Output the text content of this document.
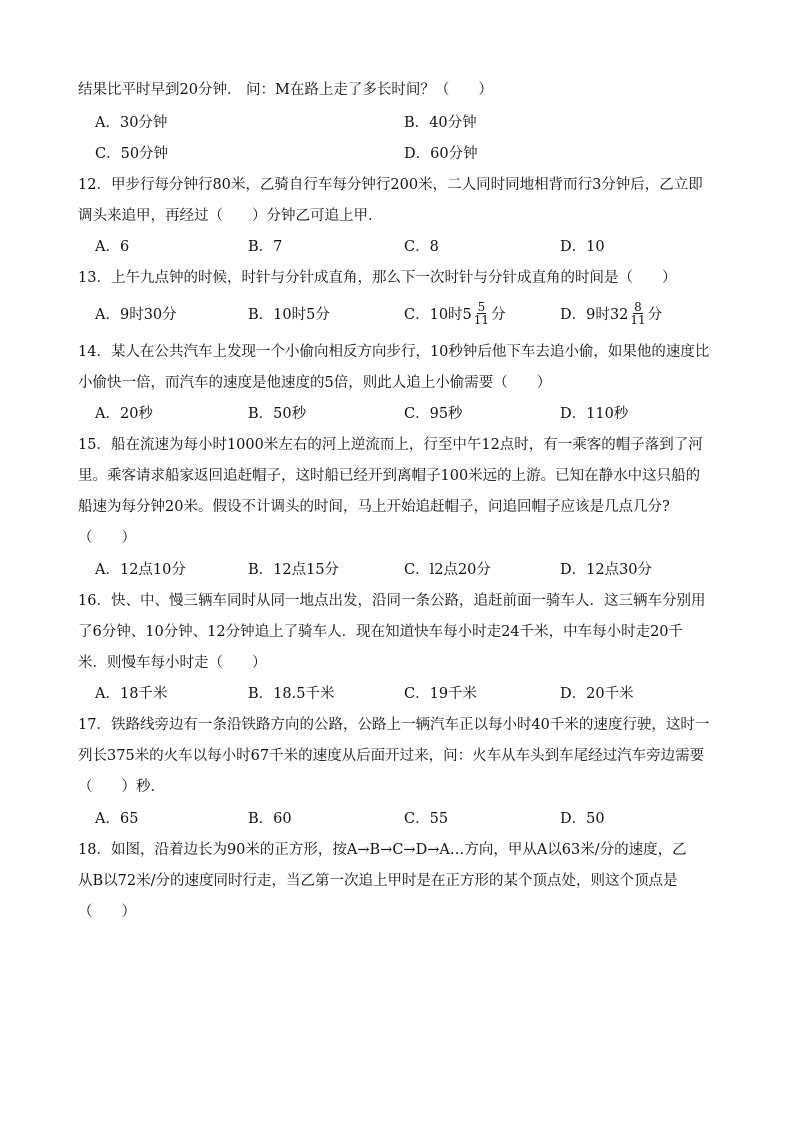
结果比平时早到20分钟． 问：M在路上走了多长时间？（　　）
A．30分钟	B．40分钟
C．50分钟	D．60分钟
12．甲步行每分钟行80米，乙骑自行车每分钟行200米，二人同时同地相背而行3分钟后，乙立即
调头来追甲，再经过（　　）分钟乙可追上甲．
A．6	B．7	C．8	D．10
13．上午九点钟的时候，时针与分针成直角，那么下一次时针与分针成直角的时间是（　　）
A．9时30分	B．10时5分	C．10时 $5 \frac{5}{11}$ 分	D．9时 $32 \frac{8}{11}$ 分
14．某人在公共汽车上发现一个小偷向相反方向步行，10秒钟后他下车去追小偷，如果他的速度比
小偷快一倍，而汽车的速度是他速度的5倍，则此人追上小偷需要（　　）
A．20秒	B．50秒	C．95秒	D．110秒
15．船在流速为每小时1000米左右的河上逆流而上，行至中午12点时，有一乘客的帽子落到了河
里。乘客请求船家返回追赶帽子，这时船已经开到离帽子100米远的上游。已知在静水中这只船的
船速为每分钟20米。假设不计调头的时间，马上开始追赶帽子，问追回帽子应该是几点几分?
（　　）
A．12点10分	B．12点15分	C．l2点20分	D．12点30分
16．快、中、慢三辆车同时从同一地点出发，沿同一条公路，追赶前面一骑车人．这三辆车分别用
了6分钟、10分钟、12分钟追上了骑车人．现在知道快车每小时走24千米，中车每小时走20千
米．则慢车每小时走（　　）
A．18千米	B．18.5千米	C．19千米	D．20千米
17．铁路线旁边有一条沿铁路方向的公路，公路上一辆汽车正以每小时40千米的速度行驶，这时一
列长375米的火车以每小时67千米的速度从后面开过来，问：火车从车头到车尾经过汽车旁边需要
（　　）秒．
A．65	B．60	C．55	D．50
18．如图，沿着边长为90米的正方形，按A→B→C→D→A…方向，甲从A以63米/分的速度，乙
从B以72米/分的速度同时行走，当乙第一次追上甲时是在正方形的某个顶点处，则这个顶点是
（　　）
